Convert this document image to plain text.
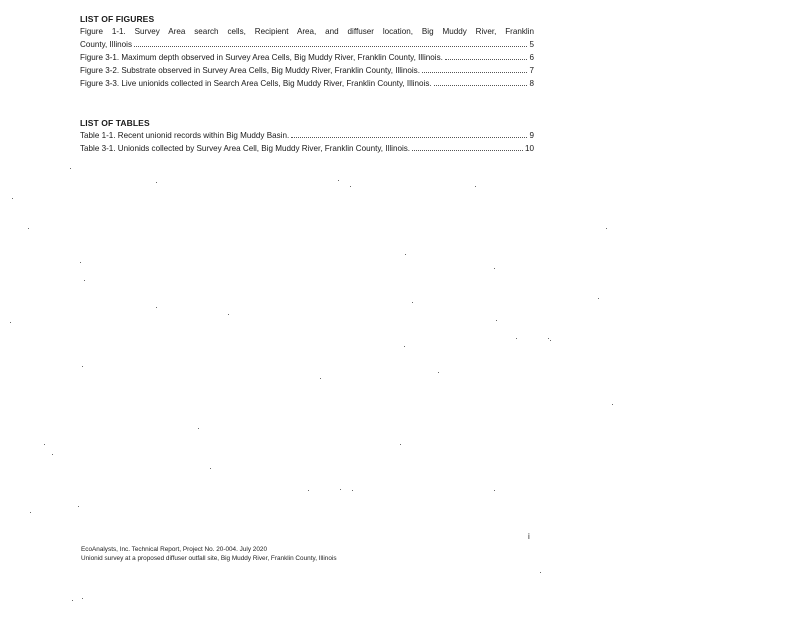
LIST OF FIGURES
Figure 1-1. Survey Area search cells, Recipient Area, and diffuser location, Big Muddy River, Franklin
County, Illinois	5
Figure 3-1. Maximum depth observed in Survey Area Cells, Big Muddy River, Franklin County, Illinois.	6
Figure 3-2. Substrate observed in Survey Area Cells, Big Muddy River, Franklin County, Illinois.	7
Figure 3-3. Live unionids collected in Search Area Cells, Big Muddy River, Franklin County, Illinois.	8
LIST OF TABLES
Table 1-1. Recent unionid records within Big Muddy Basin.	9
Table 3-1. Unionids collected by Survey Area Cell, Big Muddy River, Franklin County, Illinois.	10
i
EcoAnalysts, Inc. Technical Report, Project No. 20-004. July 2020
Unionid survey at a proposed diffuser outfall site, Big Muddy River, Franklin County, Illinois
